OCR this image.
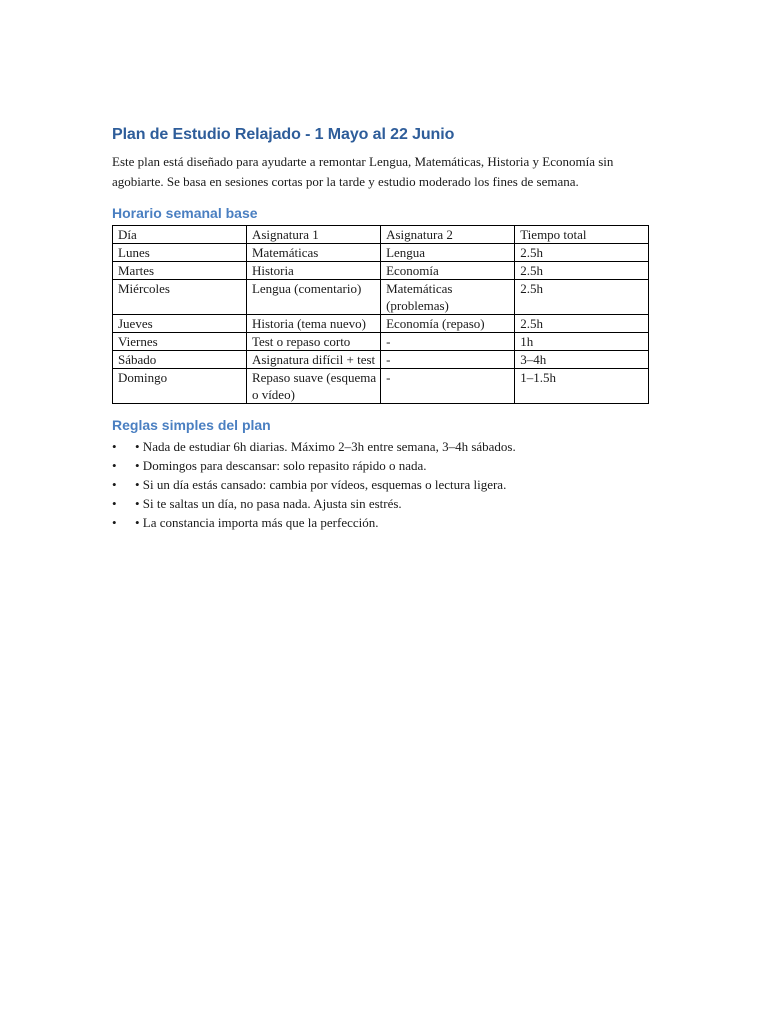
Plan de Estudio Relajado - 1 Mayo al 22 Junio

Este plan está diseñado para ayudarte a remontar Lengua, Matemáticas, Historia y Economía sin agobiarte. Se basa en sesiones cortas por la tarde y estudio moderado los fines de semana.

Horario semanal base
Día	Asignatura 1	Asignatura 2	Tiempo total
Lunes	Matemáticas	Lengua	2.5h
Martes	Historia	Economía	2.5h
Miércoles	Lengua (comentario)	Matemáticas (problemas)	2.5h
Jueves	Historia (tema nuevo)	Economía (repaso)	2.5h
Viernes	Test o repaso corto	-	1h
Sábado	Asignatura difícil + test	-	3–4h
Domingo	Repaso suave (esquema o vídeo)	-	1–1.5h
Reglas simples del plan
• • Nada de estudiar 6h diarias. Máximo 2–3h entre semana, 3–4h sábados.
• • Domingos para descansar: solo repasito rápido o nada.
• • Si un día estás cansado: cambia por vídeos, esquemas o lectura ligera.
• • Si te saltas un día, no pasa nada. Ajusta sin estrés.
• • La constancia importa más que la perfección.
